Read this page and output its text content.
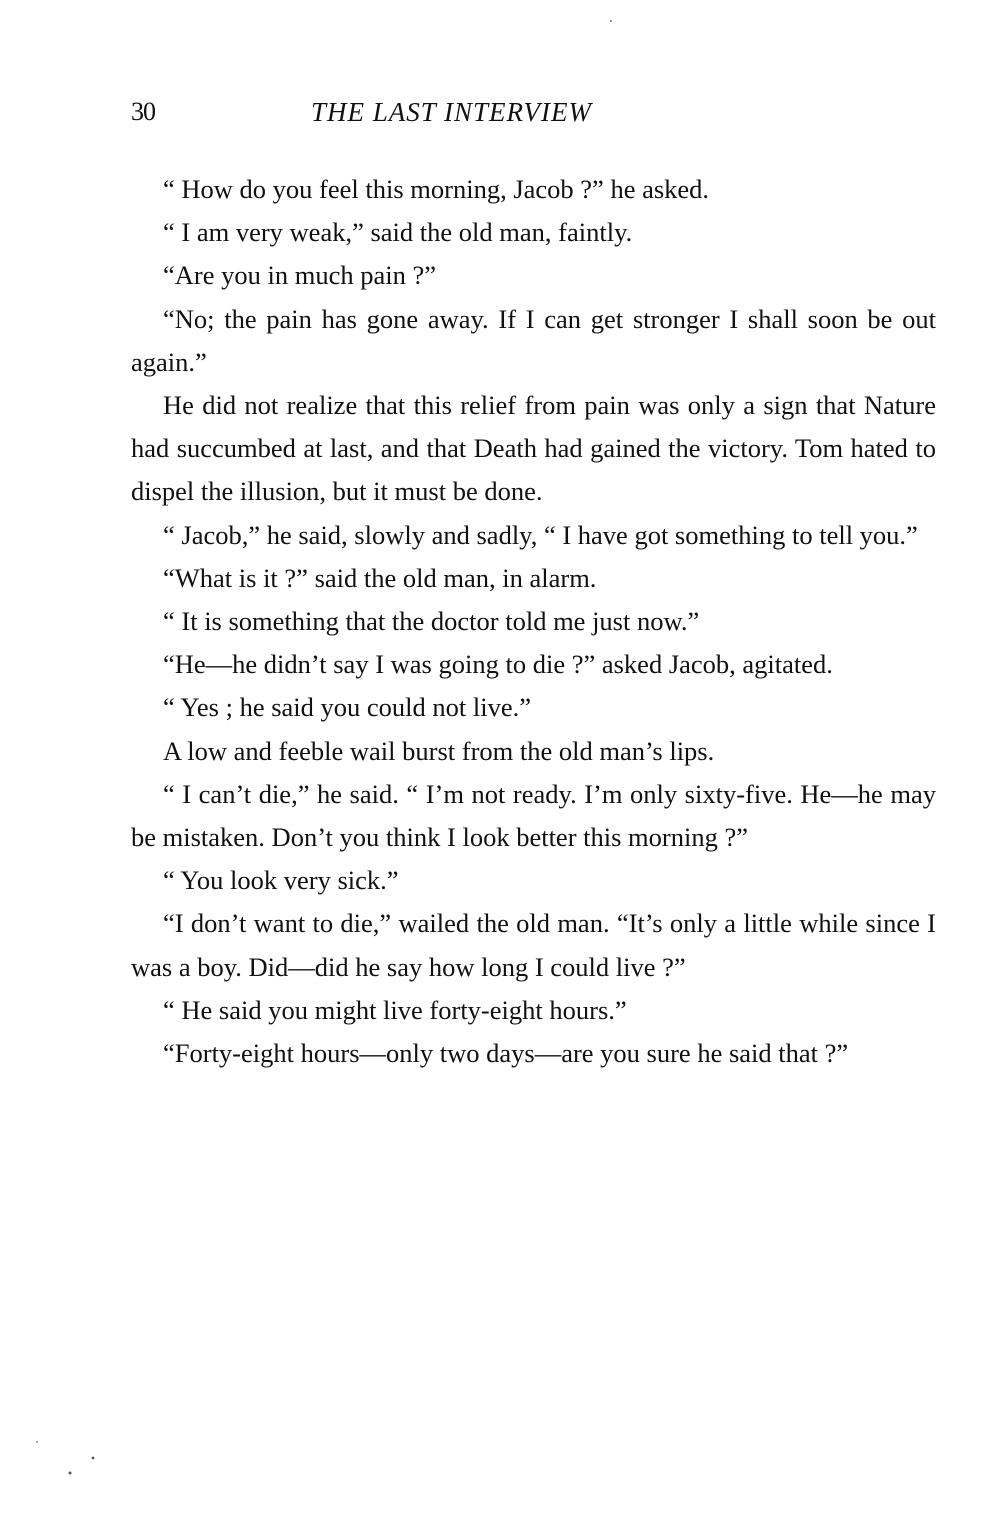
30	THE LAST INTERVIEW

“ How do you feel this morning, Jacob ?” he asked.

“ I am very weak,” said the old man, faintly.

“Are you in much pain ?”

“No; the pain has gone away. If I can get stronger I shall soon be out again.”

He did not realize that this relief from pain was only a sign that Nature had succumbed at last, and that Death had gained the victory. Tom hated to dispel the illusion, but it must be done.

“ Jacob,” he said, slowly and sadly, “ I have got something to tell you.”

“What is it ?” said the old man, in alarm.

“ It is something that the doctor told me just now.”

“He—he didn’t say I was going to die ?” asked Jacob, agitated.

“ Yes ; he said you could not live.”

A low and feeble wail burst from the old man’s lips.

“ I can’t die,” he said. “ I’m not ready. I’m only sixty-five. He—he may be mistaken. Don’t you think I look better this morning ?”

“ You look very sick.”

“I don’t want to die,” wailed the old man. “It’s only a little while since I was a boy. Did—did he say how long I could live ?”

“ He said you might live forty-eight hours.”

“Forty-eight hours—only two days—are you sure he said that ?”
